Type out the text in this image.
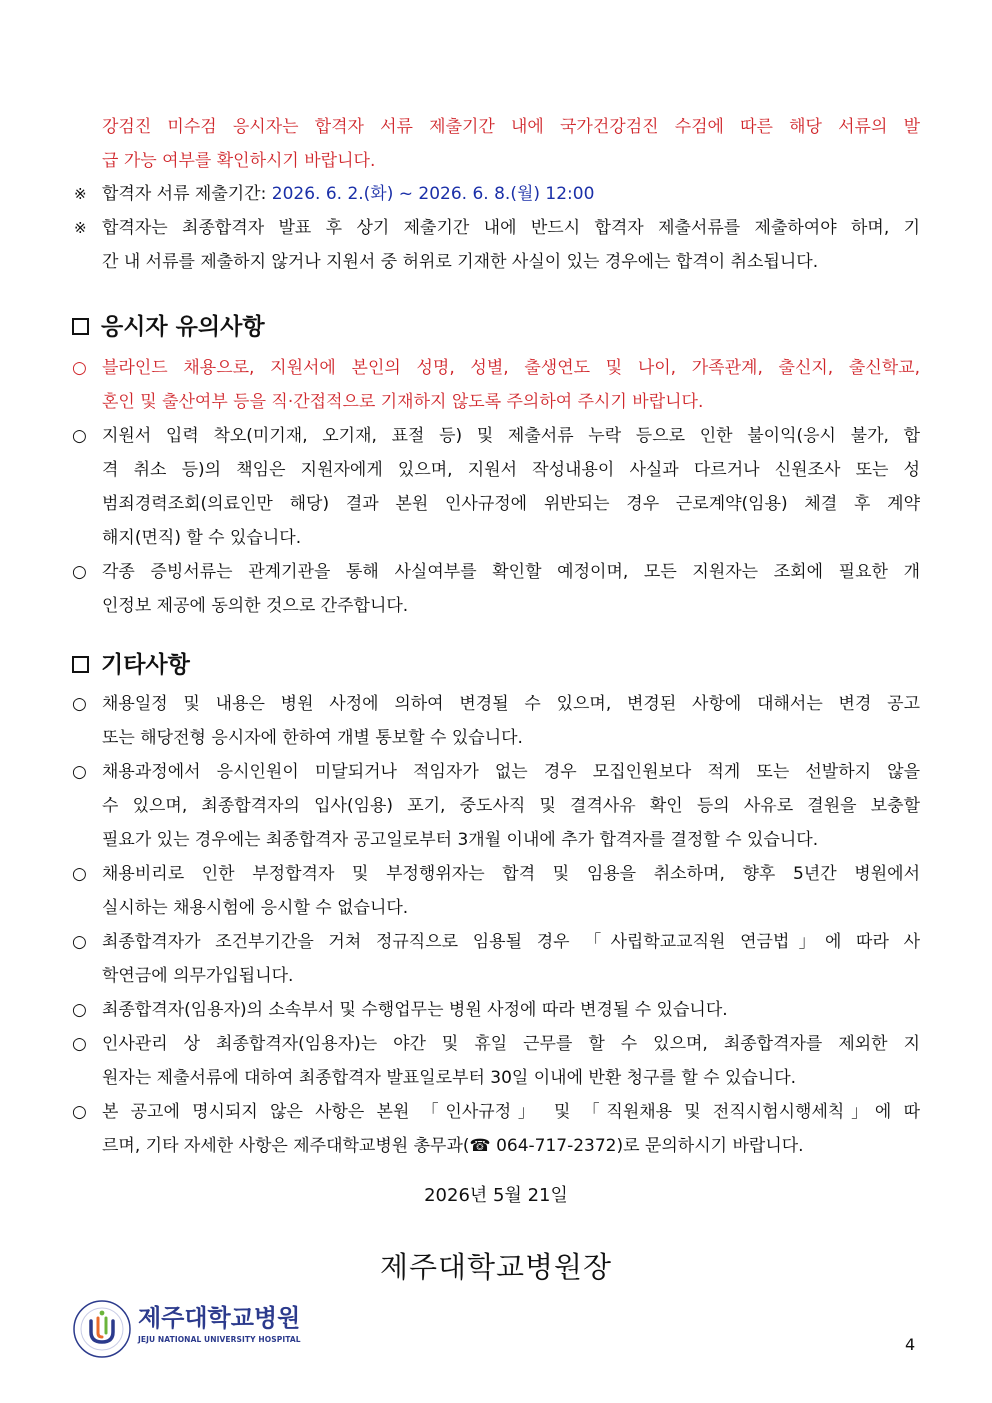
강검진 미수검 응시자는 합격자 서류 제출기간 내에 국가건강검진 수검에 따른 해당 서류의 발
급 가능 여부를 확인하시기 바랍니다.
※ 합격자 서류 제출기간: 2026. 6. 2.(화) ~ 2026. 6. 8.(월) 12:00
※ 합격자는 최종합격자 발표 후 상기 제출기간 내에 반드시 합격자 제출서류를 제출하여야 하며, 기
간 내 서류를 제출하지 않거나 지원서 중 허위로 기재한 사실이 있는 경우에는 합격이 취소됩니다.
응시자 유의사항
○ 블라인드 채용으로, 지원서에 본인의 성명, 성별, 출생연도 및 나이, 가족관계, 출신지, 출신학교,
혼인 및 출산여부 등을 직·간접적으로 기재하지 않도록 주의하여 주시기 바랍니다.
○ 지원서 입력 착오(미기재, 오기재, 표절 등) 및 제출서류 누락 등으로 인한 불이익(응시 불가, 합
격 취소 등)의 책임은 지원자에게 있으며, 지원서 작성내용이 사실과 다르거나 신원조사 또는 성
범죄경력조회(의료인만 해당) 결과 본원 인사규정에 위반되는 경우 근로계약(임용) 체결 후 계약
해지(면직) 할 수 있습니다.
○ 각종 증빙서류는 관계기관을 통해 사실여부를 확인할 예정이며, 모든 지원자는 조회에 필요한 개
인정보 제공에 동의한 것으로 간주합니다.
기타사항
○ 채용일정 및 내용은 병원 사정에 의하여 변경될 수 있으며, 변경된 사항에 대해서는 변경 공고
또는 해당전형 응시자에 한하여 개별 통보할 수 있습니다.
○ 채용과정에서 응시인원이 미달되거나 적임자가 없는 경우 모집인원보다 적게 또는 선발하지 않을
수 있으며, 최종합격자의 입사(임용) 포기, 중도사직 및 결격사유 확인 등의 사유로 결원을 보충할
필요가 있는 경우에는 최종합격자 공고일로부터 3개월 이내에 추가 합격자를 결정할 수 있습니다.
○ 채용비리로 인한 부정합격자 및 부정행위자는 합격 및 임용을 취소하며, 향후 5년간 병원에서
실시하는 채용시험에 응시할 수 없습니다.
○ 최종합격자가 조건부기간을 거쳐 정규직으로 임용될 경우 「사립학교교직원 연금법」에 따라 사
학연금에 의무가입됩니다.
○ 최종합격자(임용자)의 소속부서 및 수행업무는 병원 사정에 따라 변경될 수 있습니다.
○ 인사관리 상 최종합격자(임용자)는 야간 및 휴일 근무를 할 수 있으며, 최종합격자를 제외한 지
원자는 제출서류에 대하여 최종합격자 발표일로부터 30일 이내에 반환 청구를 할 수 있습니다.
○ 본 공고에 명시되지 않은 사항은 본원 「인사규정」 및 「직원채용 및 전직시험시행세칙」에 따
르며, 기타 자세한 사항은 제주대학교병원 총무과(☎ 064-717-2372)로 문의하시기 바랍니다.
2026년 5월 21일
제주대학교병원장
제주대학교병원
JEJU NATIONAL UNIVERSITY HOSPITAL	4
